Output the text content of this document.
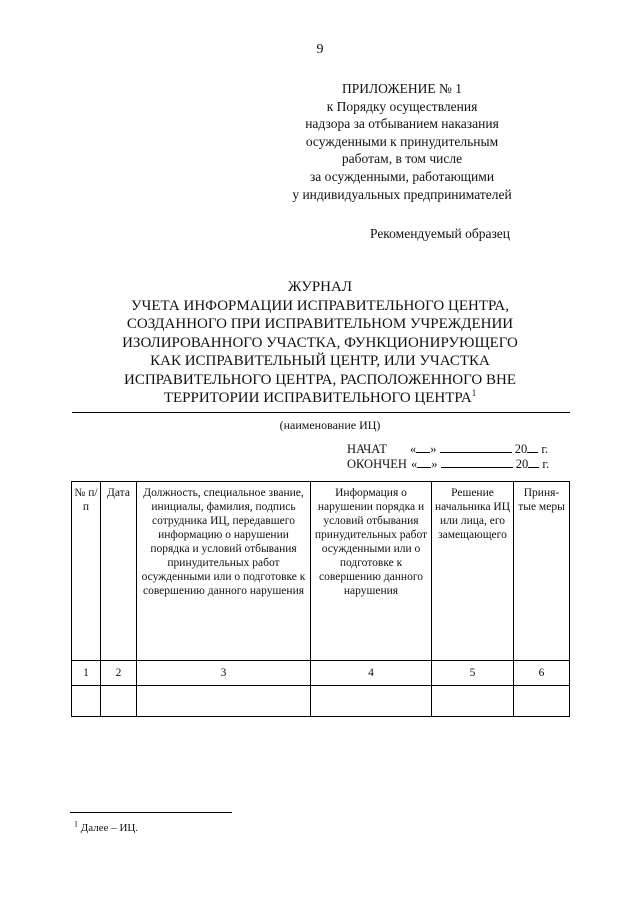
9
ПРИЛОЖЕНИЕ № 1
к Порядку осуществления
надзора за отбыванием наказания
осужденными к принудительным
работам, в том числе
за осужденными, работающими
у индивидуальных предпринимателей
Рекомендуемый образец
ЖУРНАЛ
УЧЕТА ИНФОРМАЦИИ ИСПРАВИТЕЛЬНОГО ЦЕНТРА,
СОЗДАННОГО ПРИ ИСПРАВИТЕЛЬНОМ УЧРЕЖДЕНИИ
ИЗОЛИРОВАННОГО УЧАСТКА, ФУНКЦИОНИРУЮЩЕГО
КАК ИСПРАВИТЕЛЬНЫЙ ЦЕНТР, ИЛИ УЧАСТКА
ИСПРАВИТЕЛЬНОГО ЦЕНТРА, РАСПОЛОЖЕННОГО ВНЕ
ТЕРРИТОРИИ ИСПРАВИТЕЛЬНОГО ЦЕНТРА$^1$
(наименование ИЦ)
НАЧАТ « »	20 г.
ОКОНЧЕН « »	20 г.
№ п/п	Дата	Должность, специальное звание, инициалы, фамилия, подпись сотрудника ИЦ, передавшего информацию о нарушении порядка и условий отбывания принудительных работ осужденными или о подготовке к совершению данного нарушения	Информация о нарушении порядка и условий отбывания принудительных работ осужденными или о подготовке к совершению данного нарушения	Решение начальника ИЦ или лица, его замещающего	Приня-тые меры
1	2	3	4	5	6

$^1$ Далее – ИЦ.
